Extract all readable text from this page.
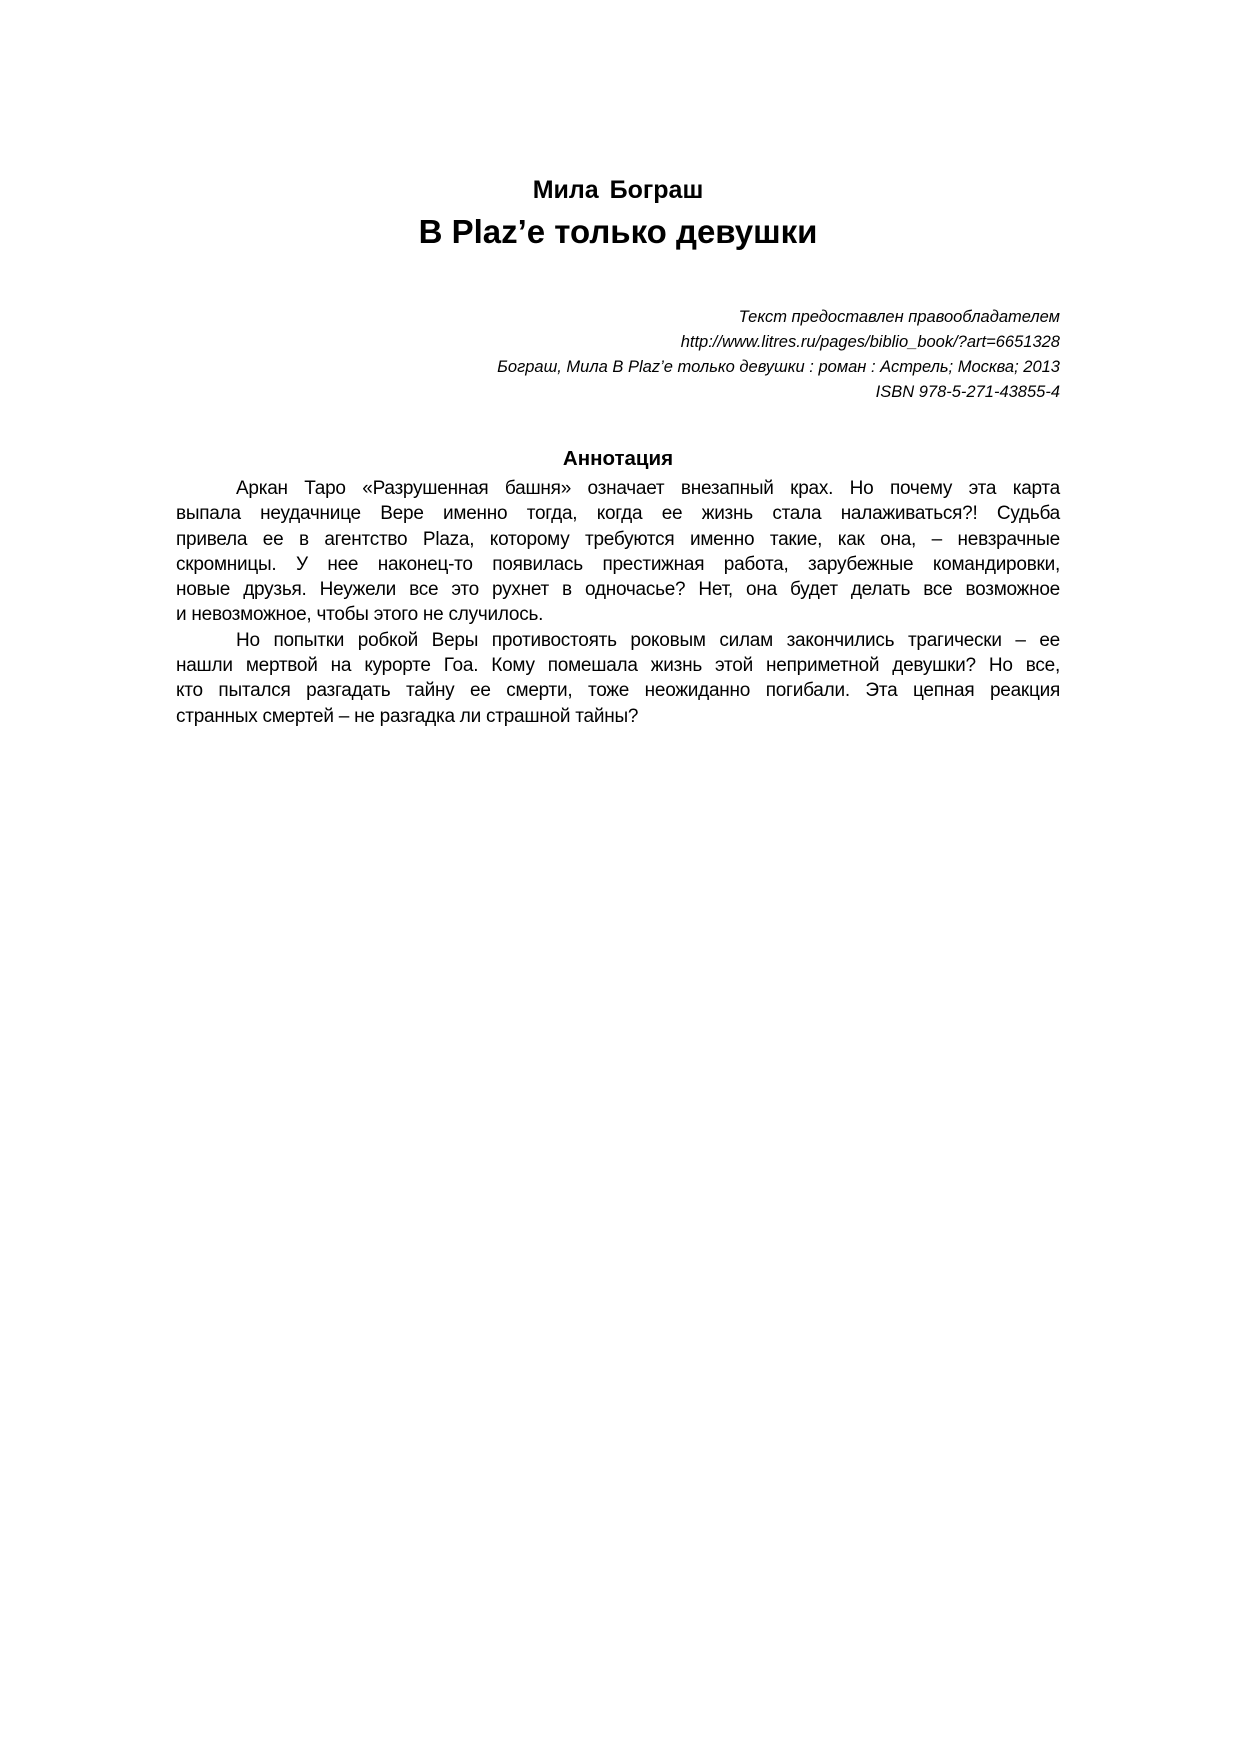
Мила Бограш
В Plaz’e только девушки
Текст предоставлен правообладателем
http://www.litres.ru/pages/biblio_book/?art=6651328
Бограш, Мила В Plaz’e только девушки : роман : Астрель; Москва; 2013
ISBN 978-5-271-43855-4
Аннотация
Аркан Таро «Разрушенная башня» означает внезапный крах. Но почему эта карта
выпала неудачнице Вере именно тогда, когда ее жизнь стала налаживаться?! Судьба
привела ее в агентство Plaza, которому требуются именно такие, как она, – невзрачные
скромницы. У нее наконец-то появилась престижная работа, зарубежные командировки,
новые друзья. Неужели все это рухнет в одночасье? Нет, она будет делать все возможное
и невозможное, чтобы этого не случилось.
Но попытки робкой Веры противостоять роковым силам закончились трагически – ее
нашли мертвой на курорте Гоа. Кому помешала жизнь этой неприметной девушки? Но все,
кто пытался разгадать тайну ее смерти, тоже неожиданно погибали. Эта цепная реакция
странных смертей – не разгадка ли страшной тайны?
